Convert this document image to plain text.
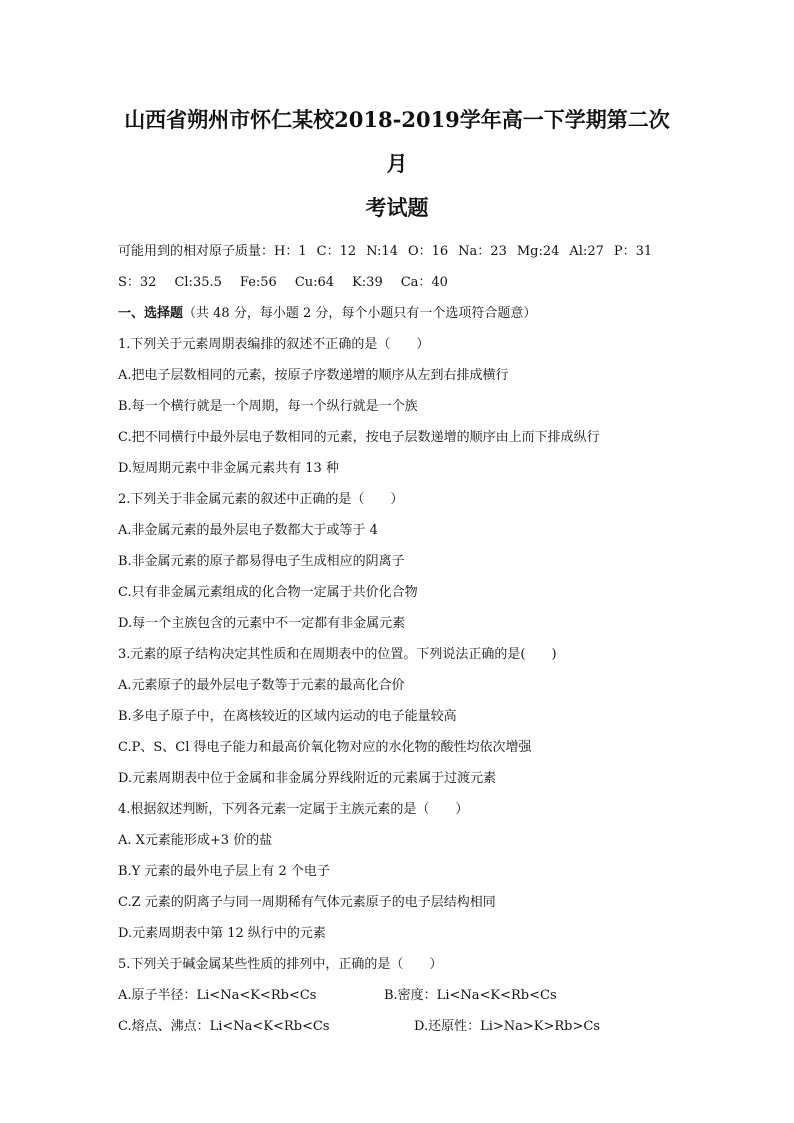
山西省朔州市怀仁某校2018-2019学年高一下学期第二次月
考试题
可能用到的相对原子质量：H：1 C：12 N:14 O：16 Na：23 Mg:24 Al:27 P：31
S：32 Cl:35.5 Fe:56 Cu:64 K:39 Ca：40
一、选择题（共 48 分，每小题 2 分，每个小题只有一个选项符合题意）
1.下列关于元素周期表编排的叙述不正确的是（　　）
A.把电子层数相同的元素，按原子序数递增的顺序从左到右排成横行
B.每一个横行就是一个周期，每一个纵行就是一个族
C.把不同横行中最外层电子数相同的元素，按电子层数递增的顺序由上而下排成纵行
D.短周期元素中非金属元素共有 13 种
2.下列关于非金属元素的叙述中正确的是（　　）
A.非金属元素的最外层电子数都大于或等于 4
B.非金属元素的原子都易得电子生成相应的阴离子
C.只有非金属元素组成的化合物一定属于共价化合物
D.每一个主族包含的元素中不一定都有非金属元素
3.元素的原子结构决定其性质和在周期表中的位置。下列说法正确的是(　　)
A.元素原子的最外层电子数等于元素的最高化合价
B.多电子原子中，在离核较近的区域内运动的电子能量较高
C.P、S、Cl 得电子能力和最高价氧化物对应的水化物的酸性均依次增强
D.元素周期表中位于金属和非金属分界线附近的元素属于过渡元素
4.根据叙述判断，下列各元素一定属于主族元素的是（　　）
A. X元素能形成+3 价的盐
B.Y 元素的最外电子层上有 2 个电子
C.Z 元素的阴离子与同一周期稀有气体元素原子的电子层结构相同
D.元素周期表中第 12 纵行中的元素
5.下列关于碱金属某些性质的排列中，正确的是（　　）
A.原子半径：Li<Na<K<Rb<Cs	B.密度：Li<Na<K<Rb<Cs
C.熔点、沸点：Li<Na<K<Rb<Cs	D.还原性：Li>Na>K>Rb>Cs
